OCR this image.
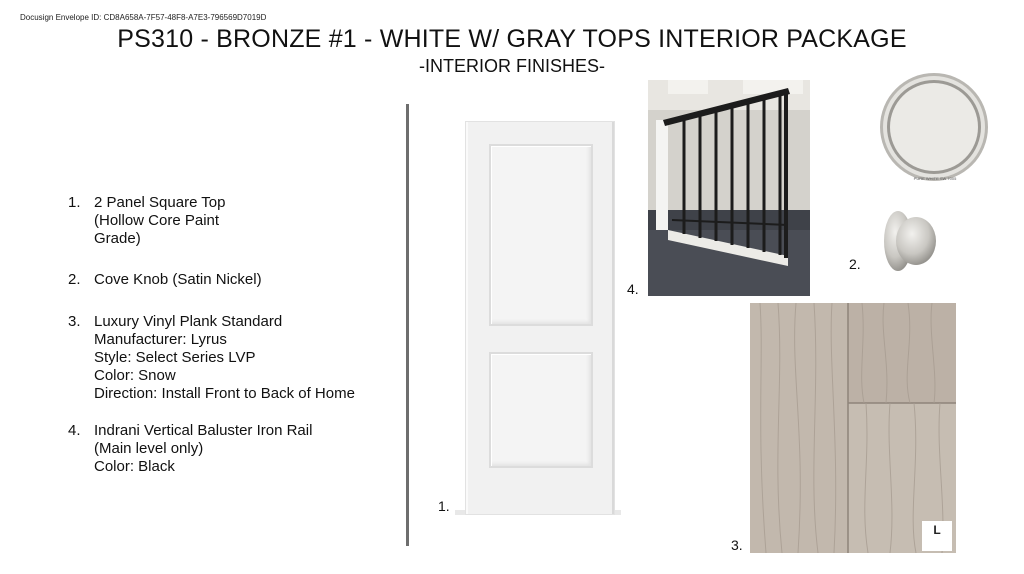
Docusign Envelope ID: CD8A658A-7F57-48F8-A7E3-796569D7019D
PS310 - BRONZE #1 - WHITE W/ GRAY TOPS INTERIOR PACKAGE
-INTERIOR FINISHES-
1. 2 Panel Square Top
(Hollow Core Paint
Grade)
2. Cove Knob (Satin Nickel)
3. Luxury Vinyl Plank Standard
Manufacturer: Lyrus
Style: Select Series LVP
Color: Snow
Direction: Install Front to Back of Home
4. Indrani Vertical Baluster Iron Rail
(Main level only)
Color: Black
1.
4.
PURE WHITE SW 7005
2.
L
3.
